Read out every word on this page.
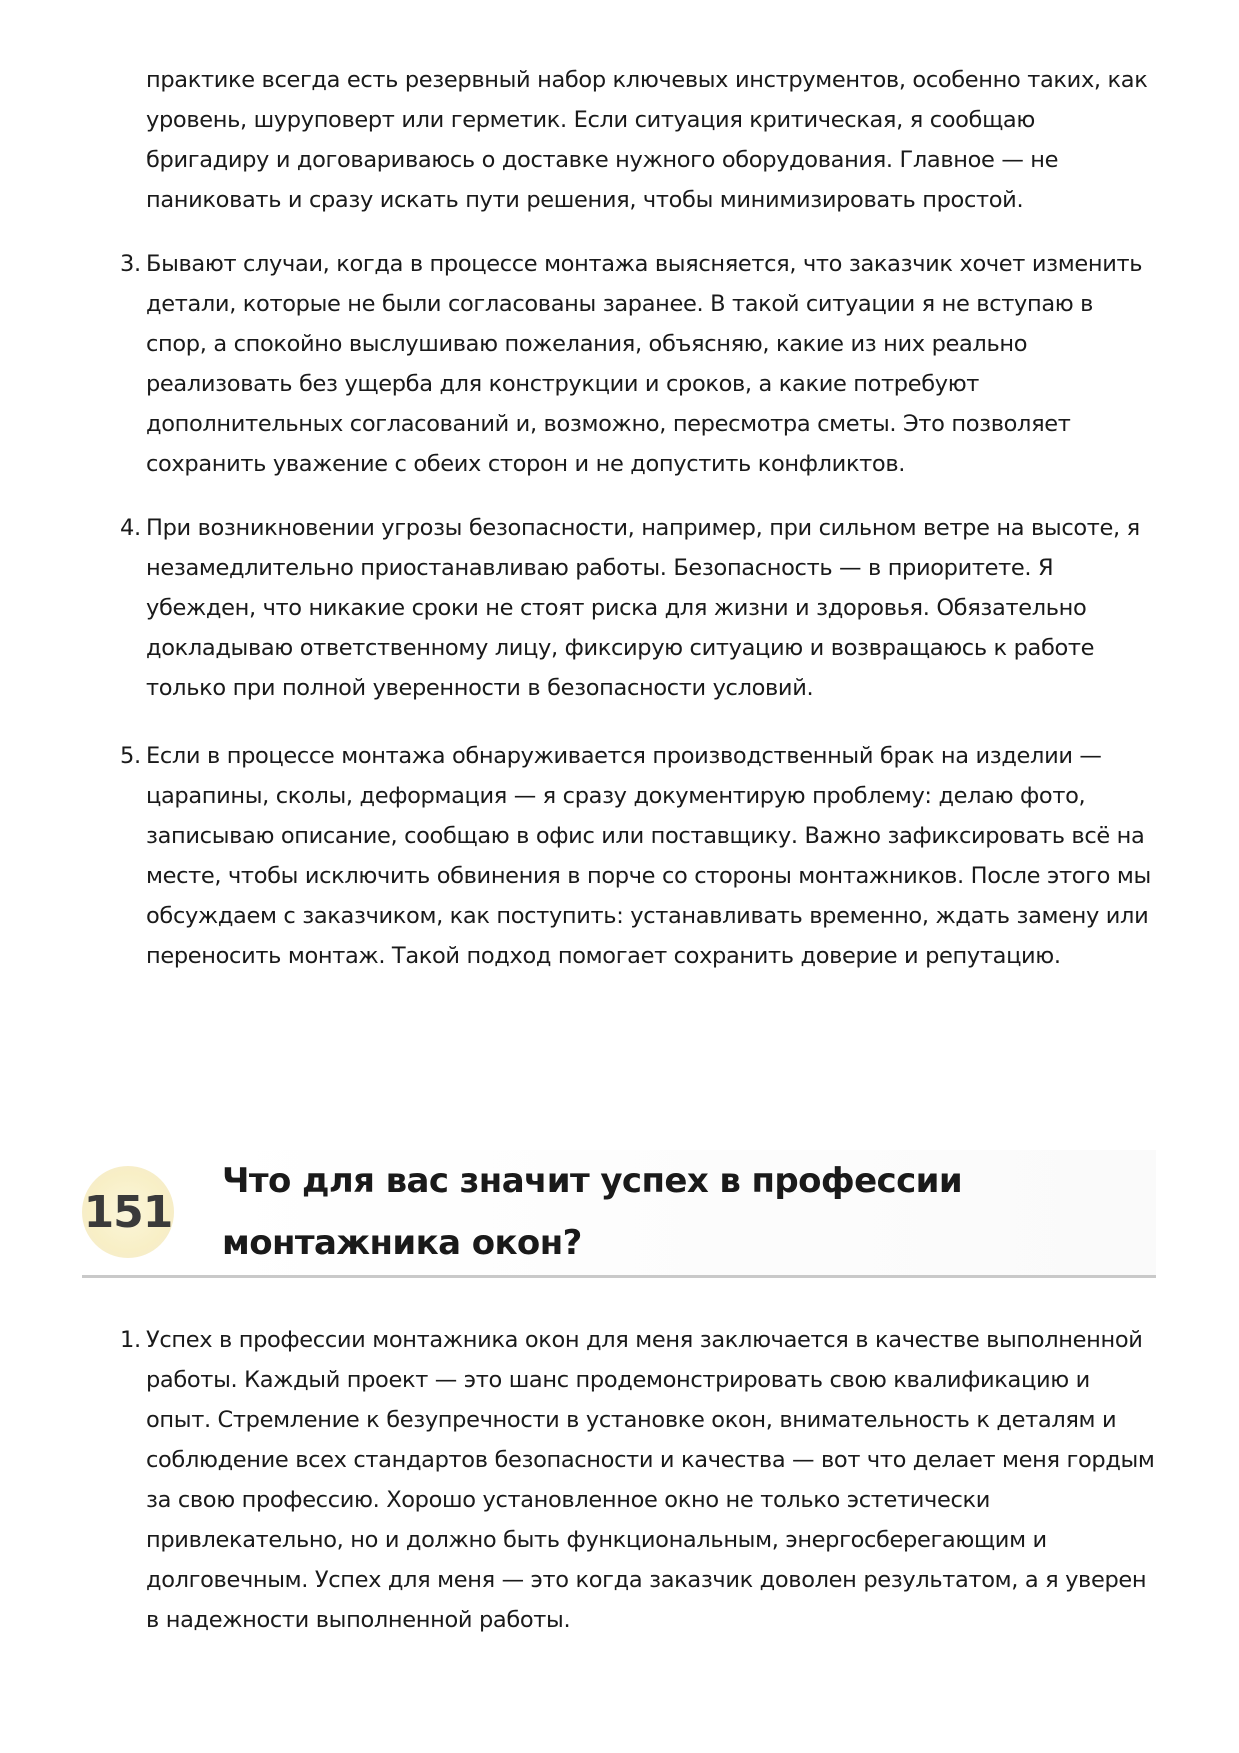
практике всегда есть резервный набор ключевых инструментов, особенно таких, как уровень, шуруповерт или герметик. Если ситуация критическая, я сообщаю бригадиру и договариваюсь о доставке нужного оборудования. Главное — не паниковать и сразу искать пути решения, чтобы минимизировать простой.

3. Бывают случаи, когда в процессе монтажа выясняется, что заказчик хочет изменить детали, которые не были согласованы заранее. В такой ситуации я не вступаю в спор, а спокойно выслушиваю пожелания, объясняю, какие из них реально реализовать без ущерба для конструкции и сроков, а какие потребуют дополнительных согласований и, возможно, пересмотра сметы. Это позволяет сохранить уважение с обеих сторон и не допустить конфликтов.
4. При возникновении угрозы безопасности, например, при сильном ветре на высоте, я незамедлительно приостанавливаю работы. Безопасность — в приоритете. Я убежден, что никакие сроки не стоят риска для жизни и здоровья. Обязательно докладываю ответственному лицу, фиксирую ситуацию и возвращаюсь к работе только при полной уверенности в безопасности условий.
5. Если в процессе монтажа обнаруживается производственный брак на изделии — царапины, сколы, деформация — я сразу документирую проблему: делаю фото, записываю описание, сообщаю в офис или поставщику. Важно зафиксировать всё на месте, чтобы исключить обвинения в порче со стороны монтажников. После этого мы обсуждаем с заказчиком, как поступить: устанавливать временно, ждать замену или переносить монтаж. Такой подход помогает сохранить доверие и репутацию.
151
Что для вас значит успех в профессии монтажника окон?
1. Успех в профессии монтажника окон для меня заключается в качестве выполненной работы. Каждый проект — это шанс продемонстрировать свою квалификацию и опыт. Стремление к безупречности в установке окон, внимательность к деталям и соблюдение всех стандартов безопасности и качества — вот что делает меня гордым за свою профессию. Хорошо установленное окно не только эстетически привлекательно, но и должно быть функциональным, энергосберегающим и долговечным. Успех для меня — это когда заказчик доволен результатом, а я уверен в надежности выполненной работы.
